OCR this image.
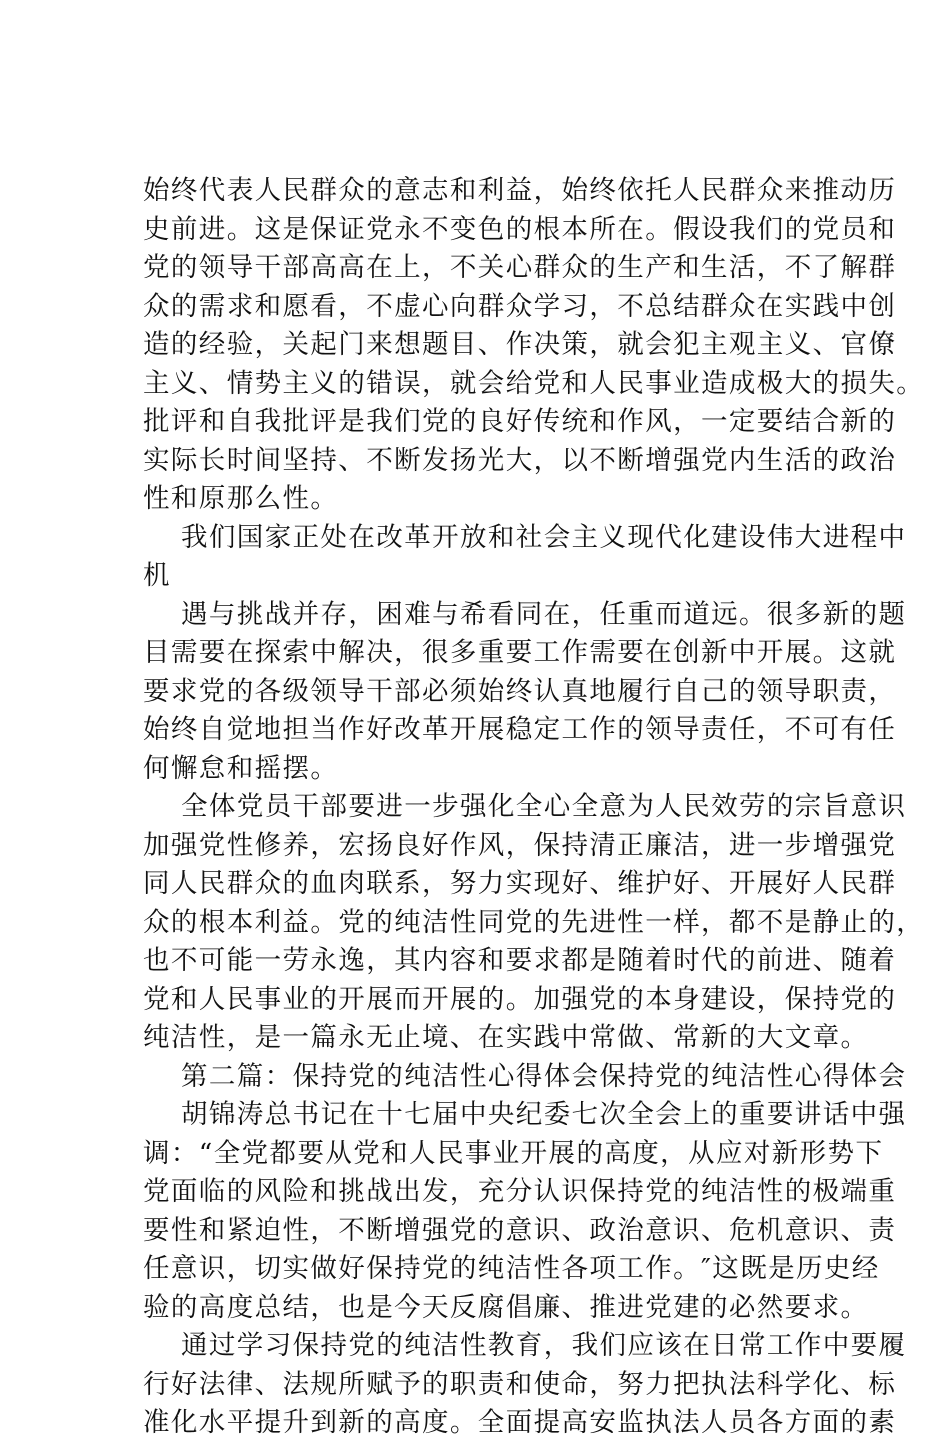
始终代表人民群众的意志和利益，始终依托人民群众来推动历
史前进。这是保证党永不变色的根本所在。假设我们的党员和
党的领导干部高高在上，不关心群众的生产和生活，不了解群
众的需求和愿看，不虚心向群众学习，不总结群众在实践中创
造的经验，关起门来想题目、作决策，就会犯主观主义、官僚
主义、情势主义的错误，就会给党和人民事业造成极大的损失。
批评和自我批评是我们党的良好传统和作风，一定要结合新的
实际长时间坚持、不断发扬光大，以不断增强党内生活的政治
性和原那么性。
我们国家正处在改革开放和社会主义现代化建设伟大进程中
机
遇与挑战并存，困难与希看同在，任重而道远。很多新的题
目需要在探索中解决，很多重要工作需要在创新中开展。这就
要求党的各级领导干部必须始终认真地履行自己的领导职责，
始终自觉地担当作好改革开展稳定工作的领导责任，不可有任
何懈怠和摇摆。
全体党员干部要进一步强化全心全意为人民效劳的宗旨意识
加强党性修养，宏扬良好作风，保持清正廉洁，进一步增强党
同人民群众的血肉联系，努力实现好、维护好、开展好人民群
众的根本利益。党的纯洁性同党的先进性一样，都不是静止的，
也不可能一劳永逸，其内容和要求都是随着时代的前进、随着
党和人民事业的开展而开展的。加强党的本身建设，保持党的
纯洁性，是一篇永无止境、在实践中常做、常新的大文章。
第二篇：保持党的纯洁性心得体会保持党的纯洁性心得体会
胡锦涛总书记在十七届中央纪委七次全会上的重要讲话中强
调：“全党都要从党和人民事业开展的高度，从应对新形势下
党面临的风险和挑战出发，充分认识保持党的纯洁性的极端重
要性和紧迫性，不断增强党的意识、政治意识、危机意识、责
任意识，切实做好保持党的纯洁性各项工作。″这既是历史经
验的高度总结，也是今天反腐倡廉、推进党建的必然要求。
通过学习保持党的纯洁性教育，我们应该在日常工作中要履
行好法律、法规所赋予的职责和使命，努力把执法科学化、标
准化水平提升到新的高度。全面提高安监执法人员各方面的素
